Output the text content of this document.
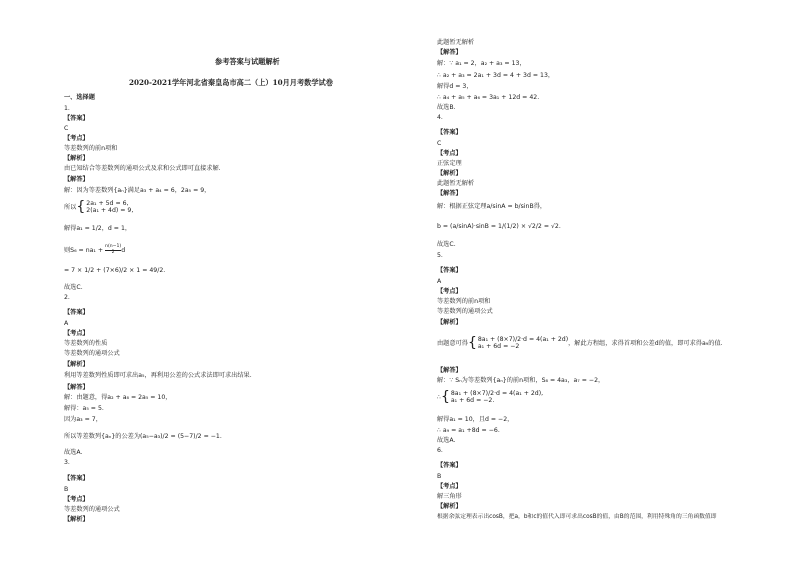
参考答案与试题解析
2020-2021学年河北省秦皇岛市高二（上）10月月考数学试卷
一、选择题
1.
【答案】
C
【考点】
等差数列的前n项和
【解析】
由已知结合等差数列的通项公式及求和公式即可直接求解.
【解答】
解：因为等差数列{aₙ}满足a₃ + a₄ = 6，2a₅ = 9，
所以{ 2a₁ + 5d = 6,
2(a₁ + 4d) = 9,
解得a₁ = 1/2，d = 1，
则$S_6 = na_1 + \frac{n(n-1)}{2}$ d
= 7 × 1/2 + (7×6)/2 × 1 = 49/2.
故选C.
2.
【答案】
A
【考点】
等差数列的性质
等差数列的通项公式
【解析】
利用等差数列性质即可求出a₅，再利用公差的公式求法即可求出结果.
【解答】
解：由题意，得a₂ + a₈ = 2a₅ = 10，
解得：a₅ = 5.
因为a₃ = 7，
所以等差数列{aₙ}的公差为(a₅−a₃)/2 = (5−7)/2 = −1.
故选A.
3.
【答案】
B
【考点】
等差数列的通项公式
【解析】
此题暂无解析
【解答】
解：∵ a₁ = 2，a₂ + a₃ = 13，
∴ a₂ + a₃ = 2a₁ + 3d = 4 + 3d = 13，
解得d = 3，
∴ a₄ + a₅ + a₆ = 3a₁ + 12d = 42.
故选B.
4.
【答案】
C
【考点】
正弦定理
【解析】
此题暂无解析
【解答】
解：根据正弦定理a/sinA = b/sinB得，
b = (a/sinA)·sinB = 1/(1/2) × √2/2 = √2.
故选C.
5.
【答案】
A
【考点】
等差数列的前n项和
等差数列的通项公式
【解析】
由题意可得{ 8a₁ + (8×7)/2·d = 4(a₁ + 2d)
a₁ + 6d = −2	，解此方程组，求得首项和公差d的值，即可求得a₉的值.
【解答】
解：∵ Sₙ为等差数列{aₙ}的前n项和，S₈ = 4a₃，a₇ = −2，
∴{ 8a₁ + (8×7)/2·d = 4(a₁ + 2d),
a₁ + 6d = −2.
解得a₁ = 10，且d = −2，
∴ a₉ = a₁ +8d = −6.
故选A.
6.
【答案】
B
【考点】
解三角形
【解析】
根据余弦定理表示出cosB，把a，b和c的值代入即可求出cosB的值，由B的范围，利用特殊角的三角函数值即
